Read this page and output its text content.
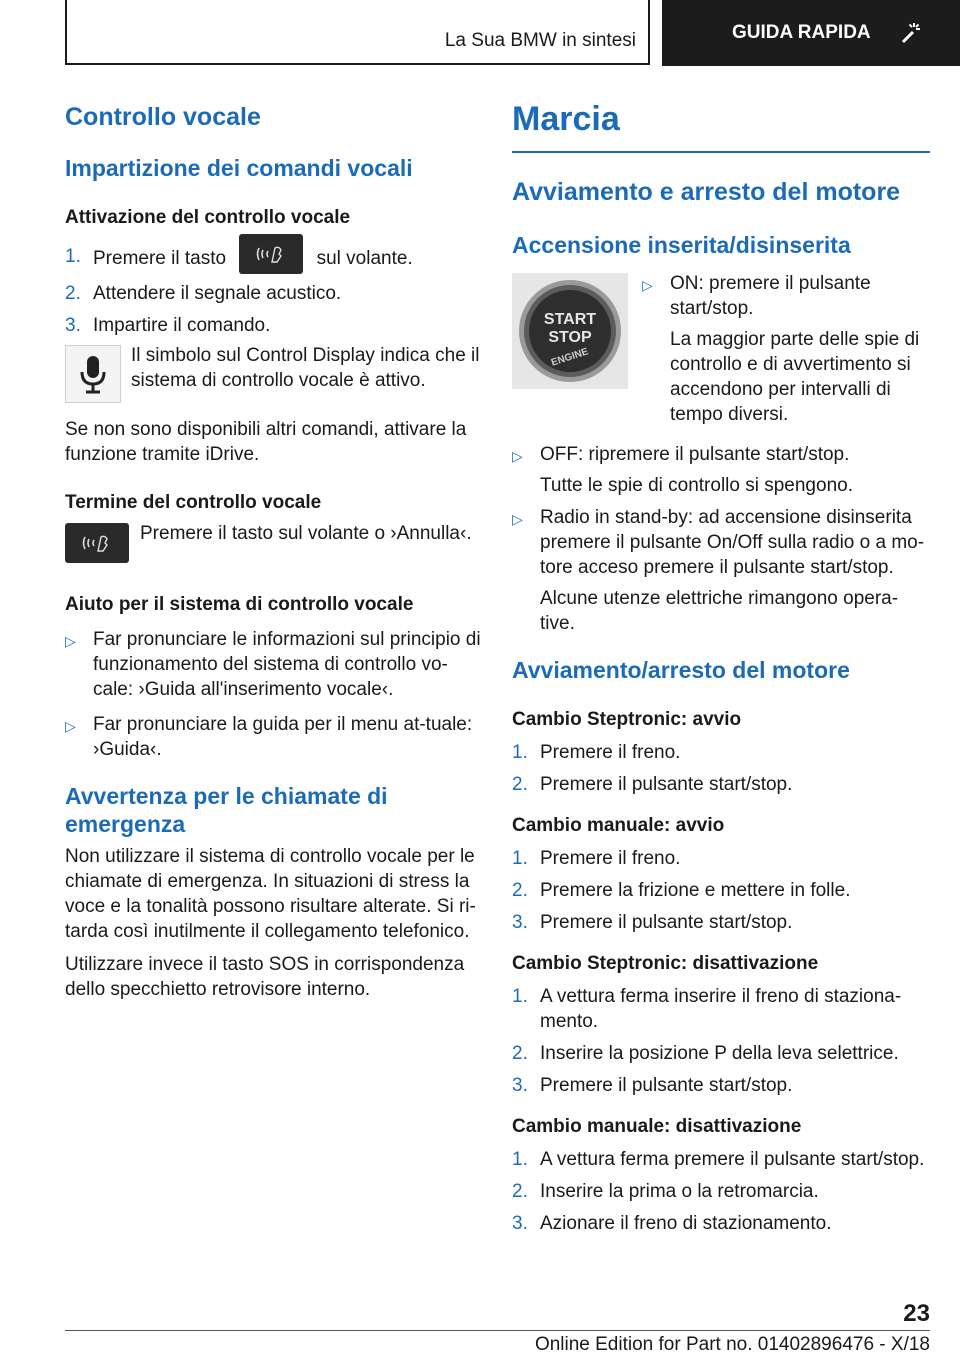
La Sua BMW in sintesi	GUIDA RAPIDA
Controllo vocale
Impartizione dei comandi vocali
Attivazione del controllo vocale
1. Premere il tasto	sul volante.
2. Attendere il segnale acustico.
3. Impartire il comando.

Il simbolo sul Control Display indica che il sistema di controllo vocale è attivo.

Se non sono disponibili altri comandi, attivare la funzione tramite iDrive.

Termine del controllo vocale

Premere il tasto sul volante o ›Annulla‹.

Aiuto per il sistema di controllo vocale
▷ Far pronunciare le informazioni sul principio di funzionamento del sistema di controllo vo-cale: ›Guida all'inserimento vocale‹.
▷ Far pronunciare la guida per il menu at-tuale: ›Guida‹.
Avvertenza per le chiamate di emergenza

Non utilizzare il sistema di controllo vocale per le chiamate di emergenza. In situazioni di stress la voce e la tonalità possono risultare alterate. Si ri-tarda così inutilmente il collegamento telefonico.

Utilizzare invece il tasto SOS in corrispondenza dello specchietto retrovisore interno.

Marcia
Avviamento e arresto del motore
Accensione inserita/disinserita
START
STOP
ENGINE
▷ ON: premere il pulsante start/stop.

La maggior parte delle spie di controllo e di avvertimento si accendono per intervalli di tempo diversi.

▷ OFF: ripremere il pulsante start/stop.

Tutte le spie di controllo si spengono.

▷ Radio in stand-by: ad accensione disinserita premere il pulsante On/Off sulla radio o a mo-tore acceso premere il pulsante start/stop.

Alcune utenze elettriche rimangono opera-tive.

Avviamento/arresto del motore
Cambio Steptronic: avvio
1. Premere il freno.
2. Premere il pulsante start/stop.
Cambio manuale: avvio
1. Premere il freno.
2. Premere la frizione e mettere in folle.
3. Premere il pulsante start/stop.
Cambio Steptronic: disattivazione
1. A vettura ferma inserire il freno di staziona-mento.
2. Inserire la posizione P della leva selettrice.
3. Premere il pulsante start/stop.
Cambio manuale: disattivazione
1. A vettura ferma premere il pulsante start/stop.
2. Inserire la prima o la retromarcia.
3. Azionare il freno di stazionamento.
23
Online Edition for Part no. 01402896476 - X/18
